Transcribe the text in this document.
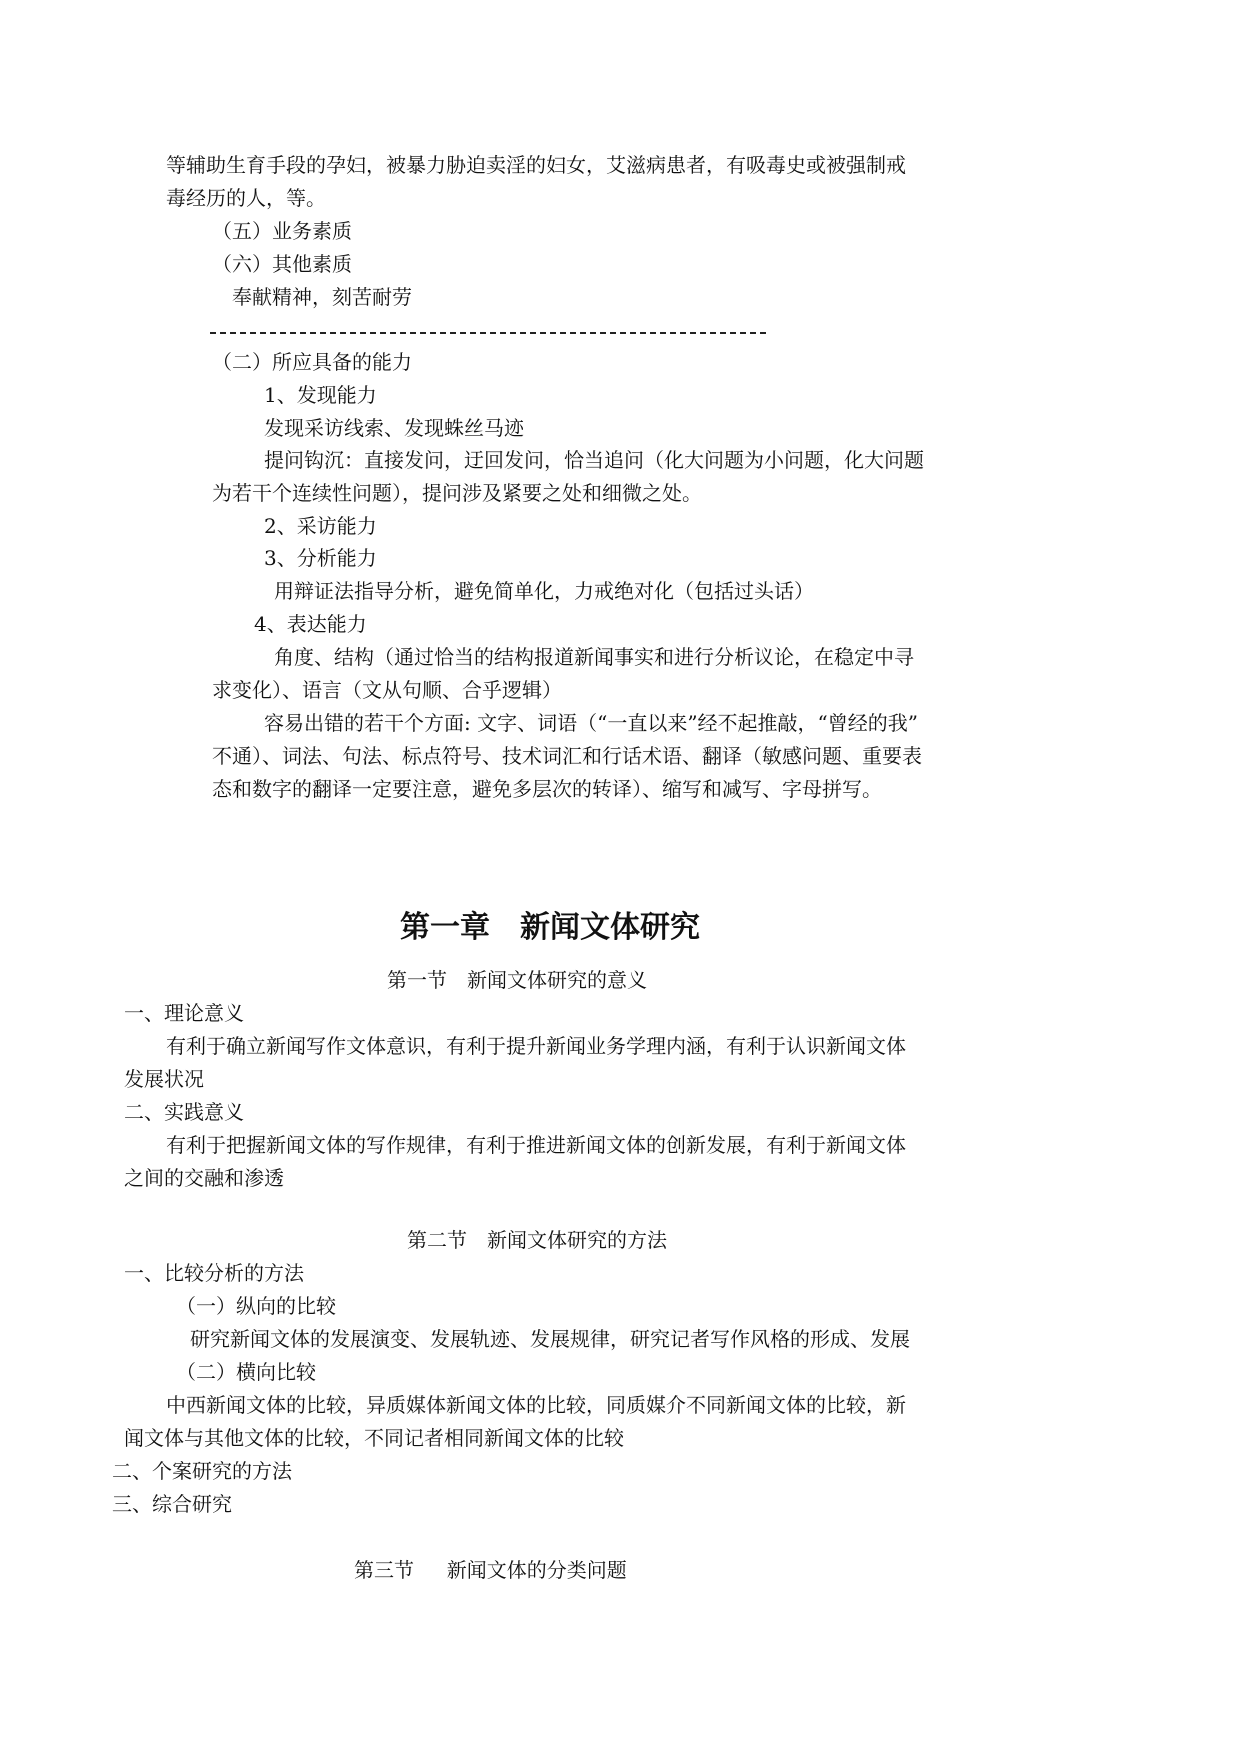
等辅助生育手段的孕妇，被暴力胁迫卖淫的妇女，艾滋病患者，有吸毒史或被强制戒
毒经历的人，等。
（五）业务素质
（六）其他素质
奉献精神，刻苦耐劳
（二）所应具备的能力
1、发现能力
发现采访线索、发现蛛丝马迹
提问钩沉：直接发问，迂回发问，恰当追问（化大问题为小问题，化大问题
为若干个连续性问题），提问涉及紧要之处和细微之处。
2、采访能力
3、分析能力
用辩证法指导分析，避免简单化，力戒绝对化（包括过头话）
4、表达能力
角度、结构（通过恰当的结构报道新闻事实和进行分析议论，在稳定中寻
求变化）、语言（文从句顺、合乎逻辑）
容易出错的若干个方面: 文字、词语（“一直以来”经不起推敲，“曾经的我”
不通）、词法、句法、标点符号、技术词汇和行话术语、翻译（敏感问题、重要表
态和数字的翻译一定要注意，避免多层次的转译）、缩写和减写、字母拼写。
第一章　新闻文体研究
第一节　新闻文体研究的意义
一、理论意义
有利于确立新闻写作文体意识，有利于提升新闻业务学理内涵，有利于认识新闻文体
发展状况
二、实践意义
有利于把握新闻文体的写作规律，有利于推进新闻文体的创新发展，有利于新闻文体
之间的交融和渗透
第二节　新闻文体研究的方法
一、比较分析的方法
（一）纵向的比较
研究新闻文体的发展演变、发展轨迹、发展规律，研究记者写作风格的形成、发展
（二）横向比较
中西新闻文体的比较，异质媒体新闻文体的比较，同质媒介不同新闻文体的比较，新
闻文体与其他文体的比较，不同记者相同新闻文体的比较
二、个案研究的方法
三、综合研究
第三节　  新闻文体的分类问题
